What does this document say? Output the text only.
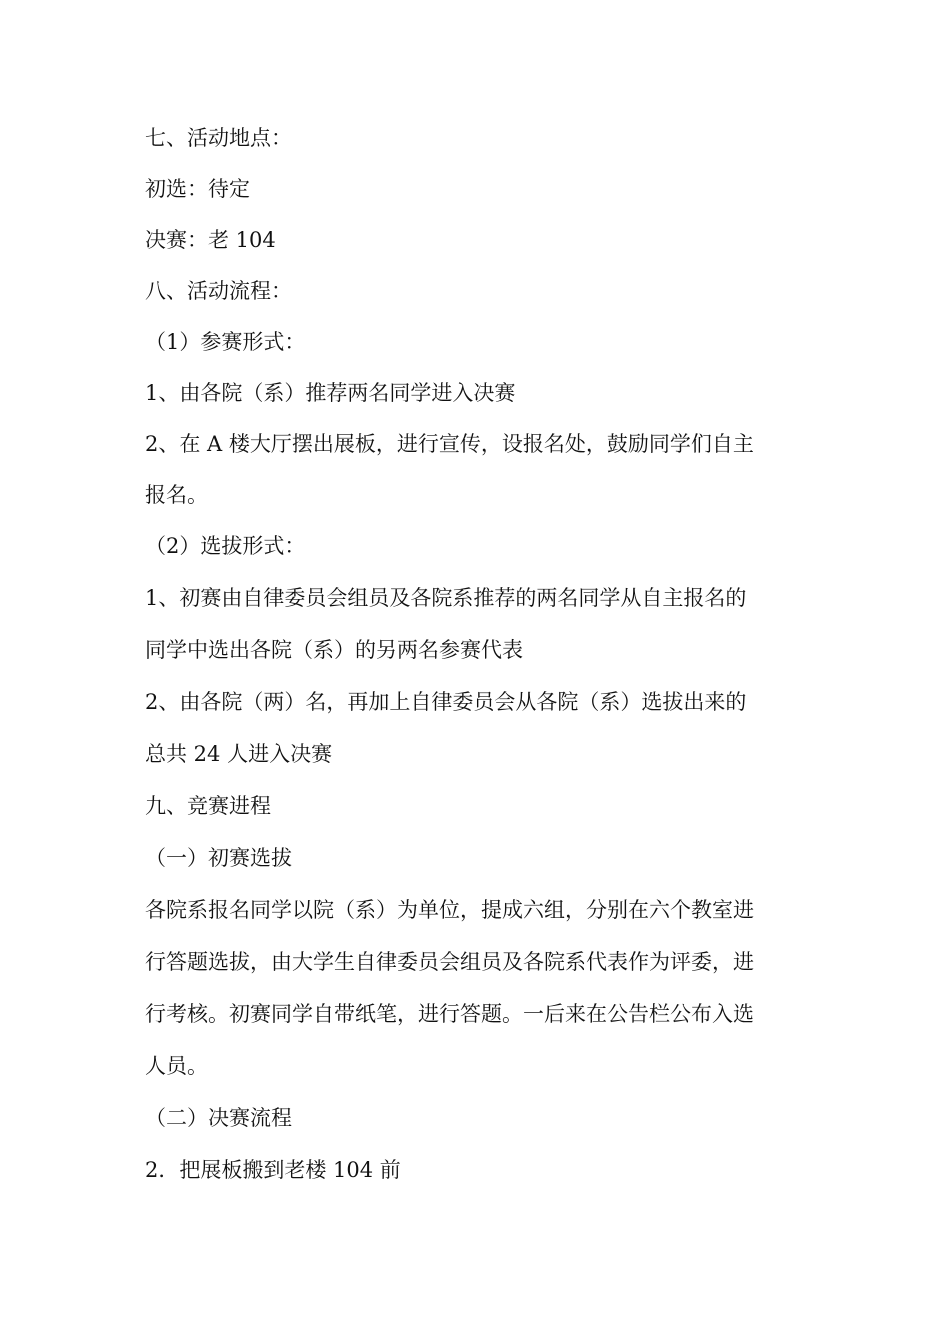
七、活动地点：

初选：待定

决赛：老 104

八、活动流程：

（1）参赛形式：

1、由各院（系）推荐两名同学进入决赛

2、在 A 楼大厅摆出展板，进行宣传，设报名处，鼓励同学们自主

报名。

（2）选拔形式：

1、初赛由自律委员会组员及各院系推荐的两名同学从自主报名的

同学中选出各院（系）的另两名参赛代表

2、由各院（两）名，再加上自律委员会从各院（系）选拔出来的

总共 24 人进入决赛

九、竞赛进程

（一）初赛选拔

各院系报名同学以院（系）为单位，提成六组，分别在六个教室进

行答题选拔，由大学生自律委员会组员及各院系代表作为评委，进

行考核。初赛同学自带纸笔，进行答题。一后来在公告栏公布入选

人员。

（二）决赛流程

2．把展板搬到老楼 104 前
